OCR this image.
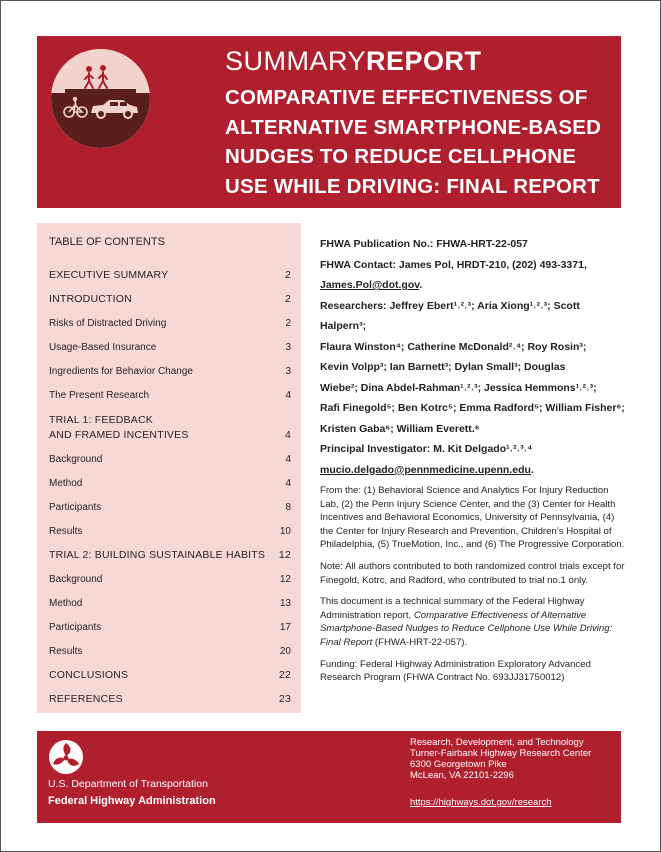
SUMMARYREPORT
COMPARATIVE EFFECTIVENESS OF ALTERNATIVE SMARTPHONE-BASED NUDGES TO REDUCE CELLPHONE USE WHILE DRIVING: FINAL REPORT
TABLE OF CONTENTS
EXECUTIVE SUMMARY	2
INTRODUCTION	2
Risks of Distracted Driving	2
Usage-Based Insurance	3
Ingredients for Behavior Change	3
The Present Research	4
TRIAL 1: FEEDBACK
AND FRAMED INCENTIVES	4
Background	4
Method	4
Participants	8
Results	10
TRIAL 2: BUILDING SUSTAINABLE HABITS	12
Background	12
Method	13
Participants	17
Results	20
CONCLUSIONS	22
REFERENCES	23
FHWA Publication No.: FHWA-HRT-22-057
FHWA Contact: James Pol, HRDT-210, (202) 493-3371,
James.Pol@dot.gov.
Researchers: Jeffrey Ebert¹˒²˒³; Aria Xiong¹˒²˒³; Scott Halpern³;
Flaura Winston⁴; Catherine McDonald²˒⁴; Roy Rosin³;
Kevin Volpp³; Ian Barnett³; Dylan Small³; Douglas
Wiebe²; Dina Abdel-Rahman¹˒²˒³; Jessica Hemmons¹˒²˒³;
Rafi Finegold⁵; Ben Kotrc⁵; Emma Radford⁵; William Fisher⁶;
Kristen Gaba⁶; William Everett.⁶
Principal Investigator: M. Kit Delgado¹˒²˒³˒⁴
mucio.delgado@pennmedicine.upenn.edu.

From the: (1) Behavioral Science and Analytics For Injury Reduction Lab, (2) the Penn Injury Science Center, and the (3) Center for Health Incentives and Behavioral Economics, University of Pennsylvania, (4) the Center for Injury Research and Prevention, Children’s Hospital of Philadelphia, (5) TrueMotion, Inc., and (6) The Progressive Corporation.

Note: All authors contributed to both randomized control trials except for Finegold, Kotrc, and Radford, who contributed to trial no.1 only.

This document is a technical summary of the Federal Highway Administration report, Comparative Effectiveness of Alternative Smartphone-Based Nudges to Reduce Cellphone Use While Driving: Final Report (FHWA-HRT-22-057).

Funding: Federal Highway Administration Exploratory Advanced Research Program (FHWA Contract No. 693JJ31750012)

U.S. Department of Transportation
Federal Highway Administration
Research, Development, and Technology
Turner-Fairbank Highway Research Center
6300 Georgetown Pike
McLean, VA 22101-2296
https://highways.dot.gov/research
